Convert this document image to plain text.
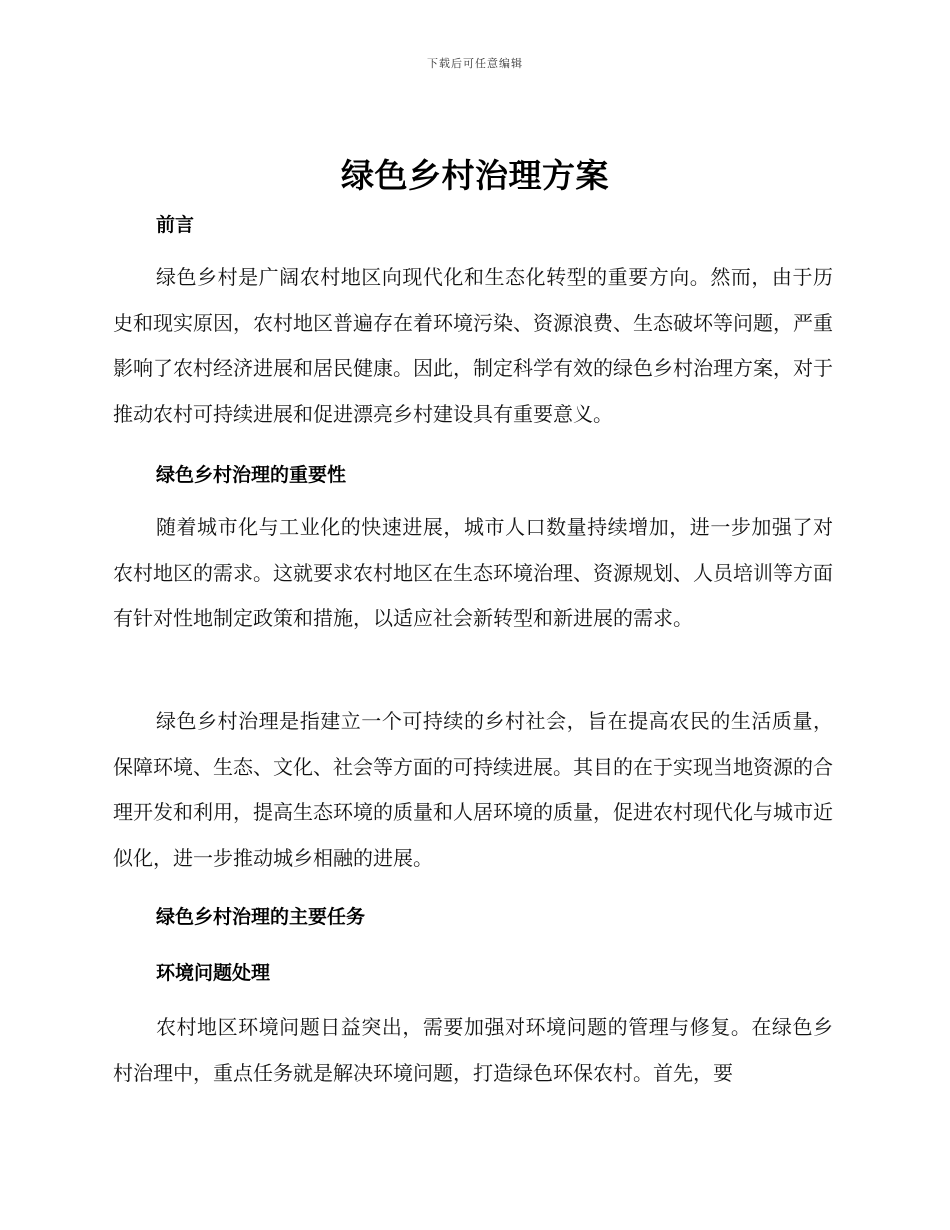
下载后可任意编辑
绿色乡村治理方案
前言
绿色乡村是广阔农村地区向现代化和生态化转型的重要方向。然而，由于历史和现实原因，农村地区普遍存在着环境污染、资源浪费、生态破坏等问题，严重影响了农村经济进展和居民健康。因此，制定科学有效的绿色乡村治理方案，对于推动农村可持续进展和促进漂亮乡村建设具有重要意义。
绿色乡村治理的重要性
随着城市化与工业化的快速进展，城市人口数量持续增加，进一步加强了对农村地区的需求。这就要求农村地区在生态环境治理、资源规划、人员培训等方面有针对性地制定政策和措施，以适应社会新转型和新进展的需求。
绿色乡村治理是指建立一个可持续的乡村社会，旨在提高农民的生活质量，保障环境、生态、文化、社会等方面的可持续进展。其目的在于实现当地资源的合理开发和利用，提高生态环境的质量和人居环境的质量，促进农村现代化与城市近似化，进一步推动城乡相融的进展。
绿色乡村治理的主要任务
环境问题处理
农村地区环境问题日益突出，需要加强对环境问题的管理与修复。在绿色乡村治理中，重点任务就是解决环境问题，打造绿色环保农村。首先，要
